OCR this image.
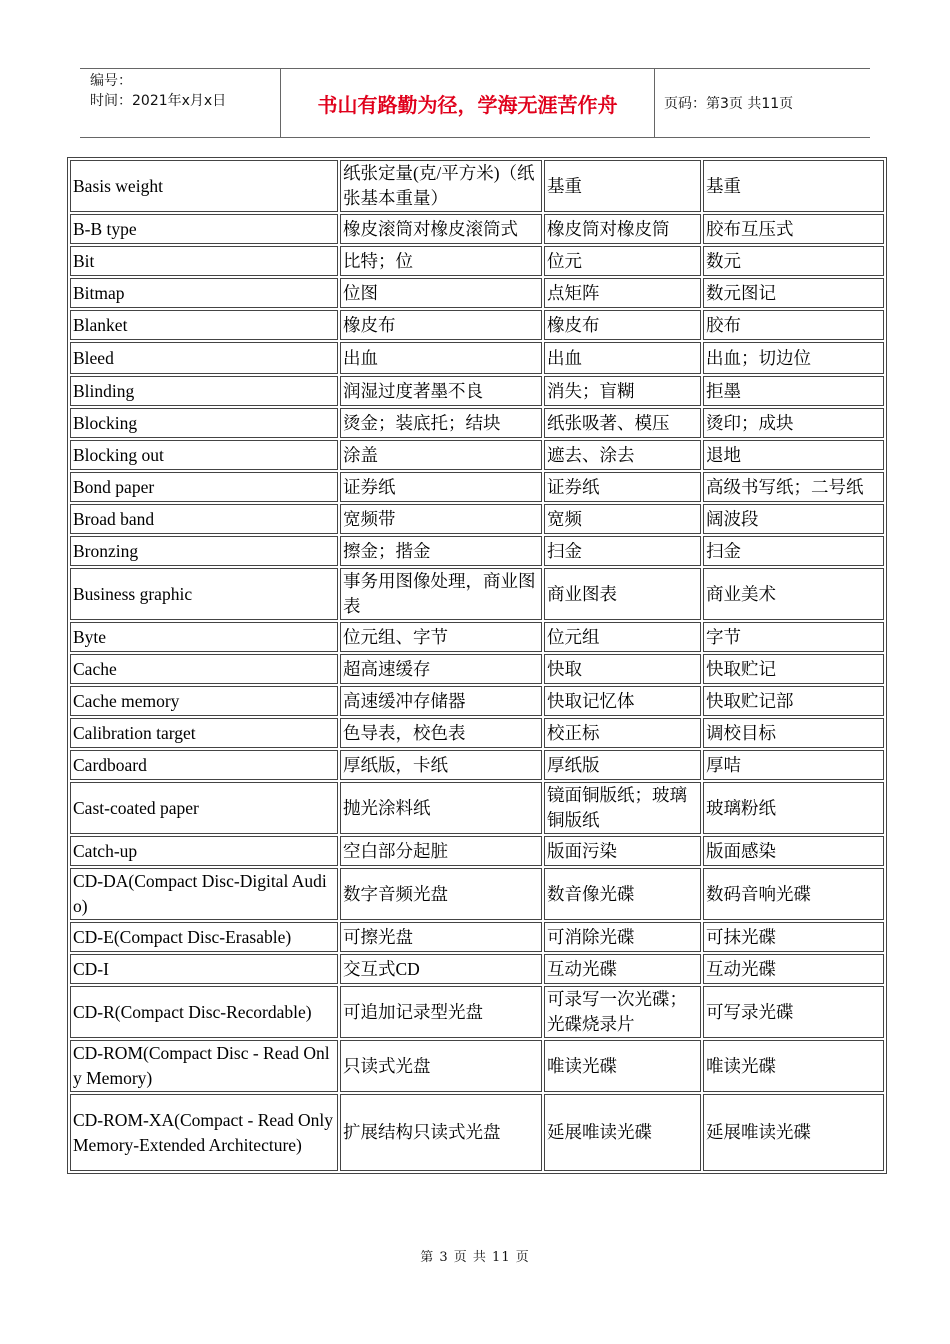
编号：
时间：2021年x月x日	书山有路勤为径，学海无涯苦作舟	页码：第3页 共11页
Basis weight	纸张定量(克/平方米)（纸张基本重量）	基重	基重
B-B type	橡皮滚筒对橡皮滚筒式	橡皮筒对橡皮筒	胶布互压式
Bit	比特；位	位元	数元
Bitmap	位图	点矩阵	数元图记
Blanket	橡皮布	橡皮布	胶布
Bleed	出血	出血	出血；切边位
Blinding	润湿过度著墨不良	消失；盲糊	拒墨
Blocking	烫金；装底托；结块	纸张吸著、模压	烫印；成块
Blocking out	涂盖	遮去、涂去	退地
Bond paper	证券纸	证券纸	高级书写纸；二号纸
Broad band	宽频带	宽频	阔波段
Bronzing	擦金；揩金	扫金	扫金
Business graphic	事务用图像处理，商业图表	商业图表	商业美术
Byte	位元组、字节	位元组	字节
Cache	超高速缓存	快取	快取贮记
Cache memory	高速缓冲存储器	快取记忆体	快取贮记部
Calibration target	色导表，校色表	校正标	调校目标
Cardboard	厚纸版，卡纸	厚纸版	厚咭
Cast-coated paper	抛光涂料纸	镜面铜版纸；玻璃铜版纸	玻璃粉纸
Catch-up	空白部分起脏	版面污染	版面感染
CD-DA(Compact Disc-Digital Audio)	数字音频光盘	数音像光碟	数码音响光碟
CD-E(Compact Disc-Erasable)	可擦光盘	可消除光碟	可抹光碟
CD-I	交互式CD	互动光碟	互动光碟
CD-R(Compact Disc-Recordable)	可追加记录型光盘	可录写一次光碟；光碟烧录片	可写录光碟
CD-ROM(Compact Disc - Read Only Memory)	只读式光盘	唯读光碟	唯读光碟
CD-ROM-XA(Compact - Read Only Memory-Extended Architecture)	扩展结构只读式光盘	延展唯读光碟	延展唯读光碟
第 3 页 共 11 页
